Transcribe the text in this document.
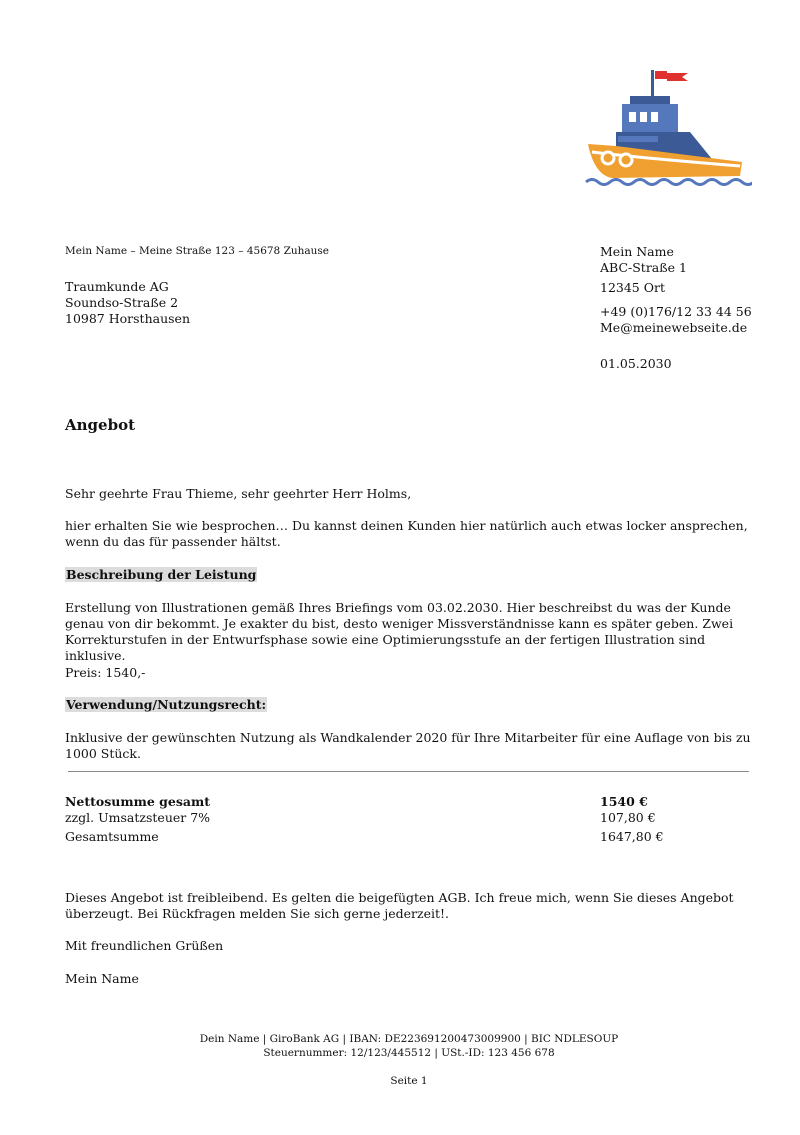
Mein Name – Meine Straße 123 – 45678 Zuhause
Traumkunde AG
Soundso-Straße 2
10987 Horsthausen
Mein Name
ABC-Straße 1
12345 Ort
+49 (0)176/12 33 44 56
Me@meinewebseite.de
01.05.2030
Angebot
Sehr geehrte Frau Thieme, sehr geehrter Herr Holms,
hier erhalten Sie wie besprochen… Du kannst deinen Kunden hier natürlich auch etwas locker ansprechen, wenn du das für passender hältst.
Beschreibung der Leistung
Erstellung von Illustrationen gemäß Ihres Briefings vom 03.02.2030. Hier beschreibst du was der Kunde genau von dir bekommt. Je exakter du bist, desto weniger Missverständnisse kann es später geben. Zwei Korrekturstufen in der Entwurfsphase sowie eine Optimierungsstufe an der fertigen Illustration sind inklusive.
Preis: 1540,-
Verwendung/Nutzungsrecht:
Inklusive der gewünschten Nutzung als Wandkalender 2020 für Ihre Mitarbeiter für eine Auflage von bis zu 1000 Stück.
Nettosumme gesamt	1540 €
zzgl. Umsatzsteuer 7%	107,80 €
Gesamtsumme	1647,80 €
Dieses Angebot ist freibleibend. Es gelten die beigefügten AGB. Ich freue mich, wenn Sie dieses Angebot überzeugt. Bei Rückfragen melden Sie sich gerne jederzeit!.
Mit freundlichen Grüßen
Mein Name
Dein Name | GiroBank AG | IBAN: DE223691200473009900 | BIC NDLESOUP
Steuernummer: 12/123/445512 | USt.-ID: 123 456 678
Seite 1
